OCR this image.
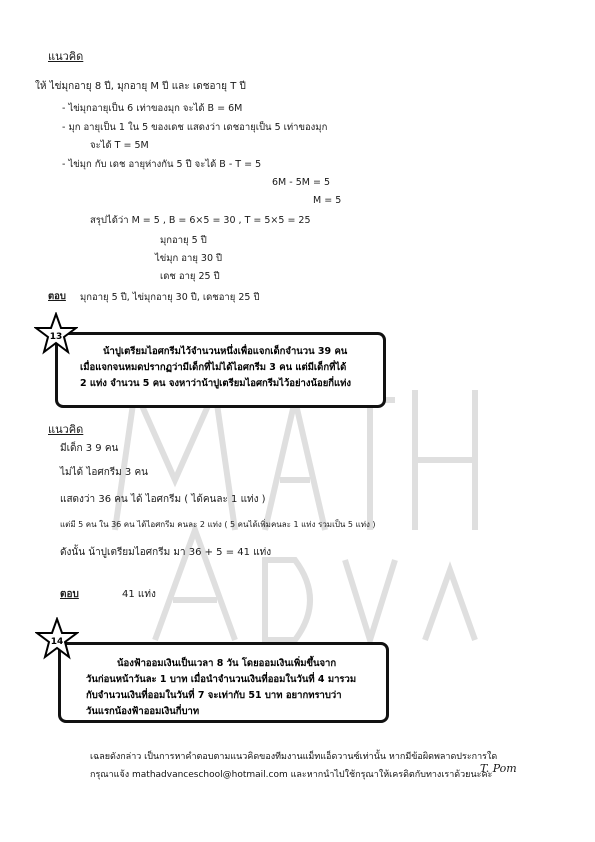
แนวคิด
ให้ ไข่มุกอายุ 8 ปี, มุกอายุ M ปี และ เดชอายุ T ปี
- ไข่มุกอายุเป็น 6 เท่าของมุก จะได้ B = 6M
- มุก อายุเป็น 1 ใน 5 ของเดช แสดงว่า เดชอายุเป็น 5 เท่าของมุก
จะได้ T = 5M
- ไข่มุก กับ เดช อายุห่างกัน 5 ปี จะได้ B - T = 5
6M - 5M = 5
M = 5
สรุปได้ว่า M = 5 , B = 6×5 = 30 , T = 5×5 = 25
มุกอายุ 5 ปี
ไข่มุก อายุ 30 ปี
เดช อายุ 25 ปี
ตอบ มุกอายุ 5 ปี, ไข่มุกอายุ 30 ปี, เดชอายุ 25 ปี
13
น้าปูเตรียมไอศกรีมไว้จำนวนหนึ่งเพื่อแจกเด็กจำนวน 39 คน
เมื่อแจกจนหมดปรากฏว่ามีเด็กที่ไม่ได้ไอศกรีม 3 คน แต่มีเด็กที่ได้
2 แท่ง จำนวน 5 คน จงหาว่าน้าปูเตรียมไอศกรีมไว้อย่างน้อยกี่แท่ง
แนวคิด
มีเด็ก 3 9 คน
ไม่ได้ ไอศกรีม 3 คน
แสดงว่า 36 คน ได้ ไอศกรีม ( ได้คนละ 1 แท่ง )
แต่มี 5 คน ใน 36 คน ได้ไอศกรีม คนละ 2 แท่ง ( 5 คนได้เพิ่มคนละ 1 แท่ง รวมเป็น 5 แท่ง )
ดังนั้น น้าปูเตรียมไอศกรีม มา 36 + 5 = 41 แท่ง
ตอบ	41 แท่ง
14
น้องฟ้าออมเงินเป็นเวลา 8 วัน โดยออมเงินเพิ่มขึ้นจาก
วันก่อนหน้าวันละ 1 บาท เมื่อนำจำนวนเงินที่ออมในวันที่ 4 มารวม
กับจำนวนเงินที่ออมในวันที่ 7 จะเท่ากับ 51 บาท อยากทราบว่า
วันแรกน้องฟ้าออมเงินกี่บาท
เฉลยดังกล่าว เป็นการหาคำตอบตามแนวคิดของทีมงานแม็ทแอ็ดวานซ์เท่านั้น หากมีข้อผิดพลาดประการใด
กรุณาแจ้ง mathadvanceschool@hotmail.com และหากนำไปใช้กรุณาให้เครดิตกับทางเราด้วยนะคะ
T. Pom
